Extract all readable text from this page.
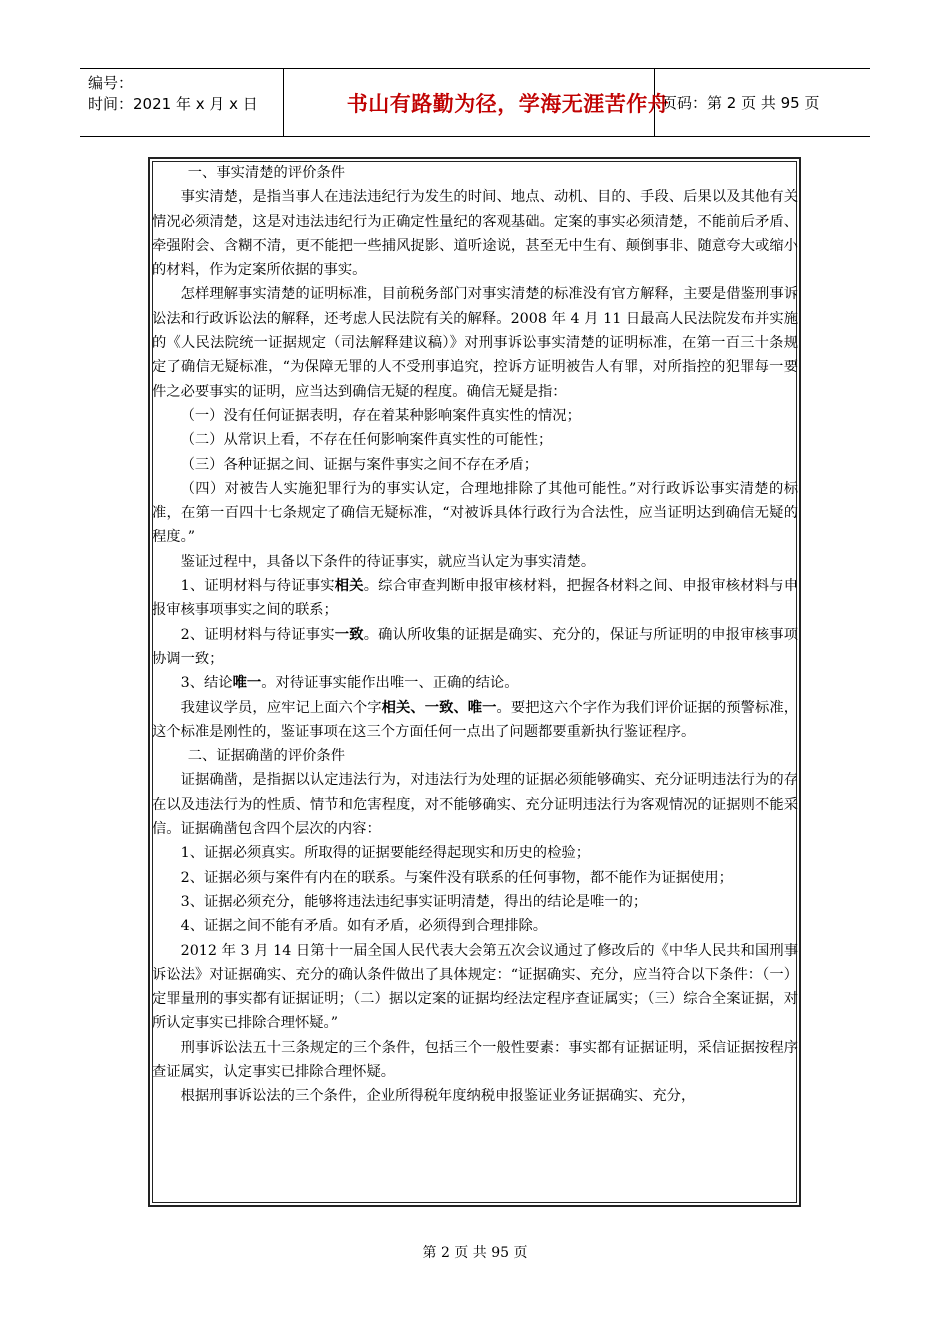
编号：
时间：2021 年 x 月 x 日	书山有路勤为径，学海无涯苦作舟
页码：第 2 页 共 95 页

一、事实清楚的评价条件

事实清楚，是指当事人在违法违纪行为发生的时间、地点、动机、目的、手段、后果以及其他有关情况必须清楚，这是对违法违纪行为正确定性量纪的客观基础。定案的事实必须清楚，不能前后矛盾、牵强附会、含糊不清，更不能把一些捕风捉影、道听途说，甚至无中生有、颠倒事非、随意夸大或缩小的材料，作为定案所依据的事实。

怎样理解事实清楚的证明标准，目前税务部门对事实清楚的标准没有官方解释，主要是借鉴刑事诉讼法和行政诉讼法的解释，还考虑人民法院有关的解释。2008 年 4 月 11 日最高人民法院发布并实施的《人民法院统一证据规定（司法解释建议稿）》对刑事诉讼事实清楚的证明标准，在第一百三十条规定了确信无疑标准，“为保障无罪的人不受刑事追究，控诉方证明被告人有罪，对所指控的犯罪每一要件之必要事实的证明，应当达到确信无疑的程度。确信无疑是指：

（一）没有任何证据表明，存在着某种影响案件真实性的情况；

（二）从常识上看，不存在任何影响案件真实性的可能性；

（三）各种证据之间、证据与案件事实之间不存在矛盾；

（四）对被告人实施犯罪行为的事实认定，合理地排除了其他可能性。”对行政诉讼事实清楚的标准，在第一百四十七条规定了确信无疑标准，“对被诉具体行政行为合法性，应当证明达到确信无疑的程度。”

鉴证过程中，具备以下条件的待证事实，就应当认定为事实清楚。

1、证明材料与待证事实相关。综合审查判断申报审核材料，把握各材料之间、申报审核材料与申报审核事项事实之间的联系；

2、证明材料与待证事实一致。确认所收集的证据是确实、充分的，保证与所证明的申报审核事项协调一致；

3、结论唯一。对待证事实能作出唯一、正确的结论。

我建议学员，应牢记上面六个字相关、一致、唯一。要把这六个字作为我们评价证据的预警标准，这个标准是刚性的，鉴证事项在这三个方面任何一点出了问题都要重新执行鉴证程序。

二、证据确凿的评价条件

证据确凿，是指据以认定违法行为，对违法行为处理的证据必须能够确实、充分证明违法行为的存在以及违法行为的性质、情节和危害程度，对不能够确实、充分证明违法行为客观情况的证据则不能采信。证据确凿包含四个层次的内容：

1、证据必须真实。所取得的证据要能经得起现实和历史的检验；

2、证据必须与案件有内在的联系。与案件没有联系的任何事物，都不能作为证据使用；

3、证据必须充分，能够将违法违纪事实证明清楚，得出的结论是唯一的；

4、证据之间不能有矛盾。如有矛盾，必须得到合理排除。

2012 年 3 月 14 日第十一届全国人民代表大会第五次会议通过了修改后的《中华人民共和国刑事诉讼法》对证据确实、充分的确认条件做出了具体规定：“证据确实、充分，应当符合以下条件：（一）定罪量刑的事实都有证据证明；（二）据以定案的证据均经法定程序查证属实；（三）综合全案证据，对所认定事实已排除合理怀疑。”

刑事诉讼法五十三条规定的三个条件，包括三个一般性要素：事实都有证据证明，采信证据按程序查证属实，认定事实已排除合理怀疑。

根据刑事诉讼法的三个条件，企业所得税年度纳税申报鉴证业务证据确实、充分，

第 2 页 共 95 页
